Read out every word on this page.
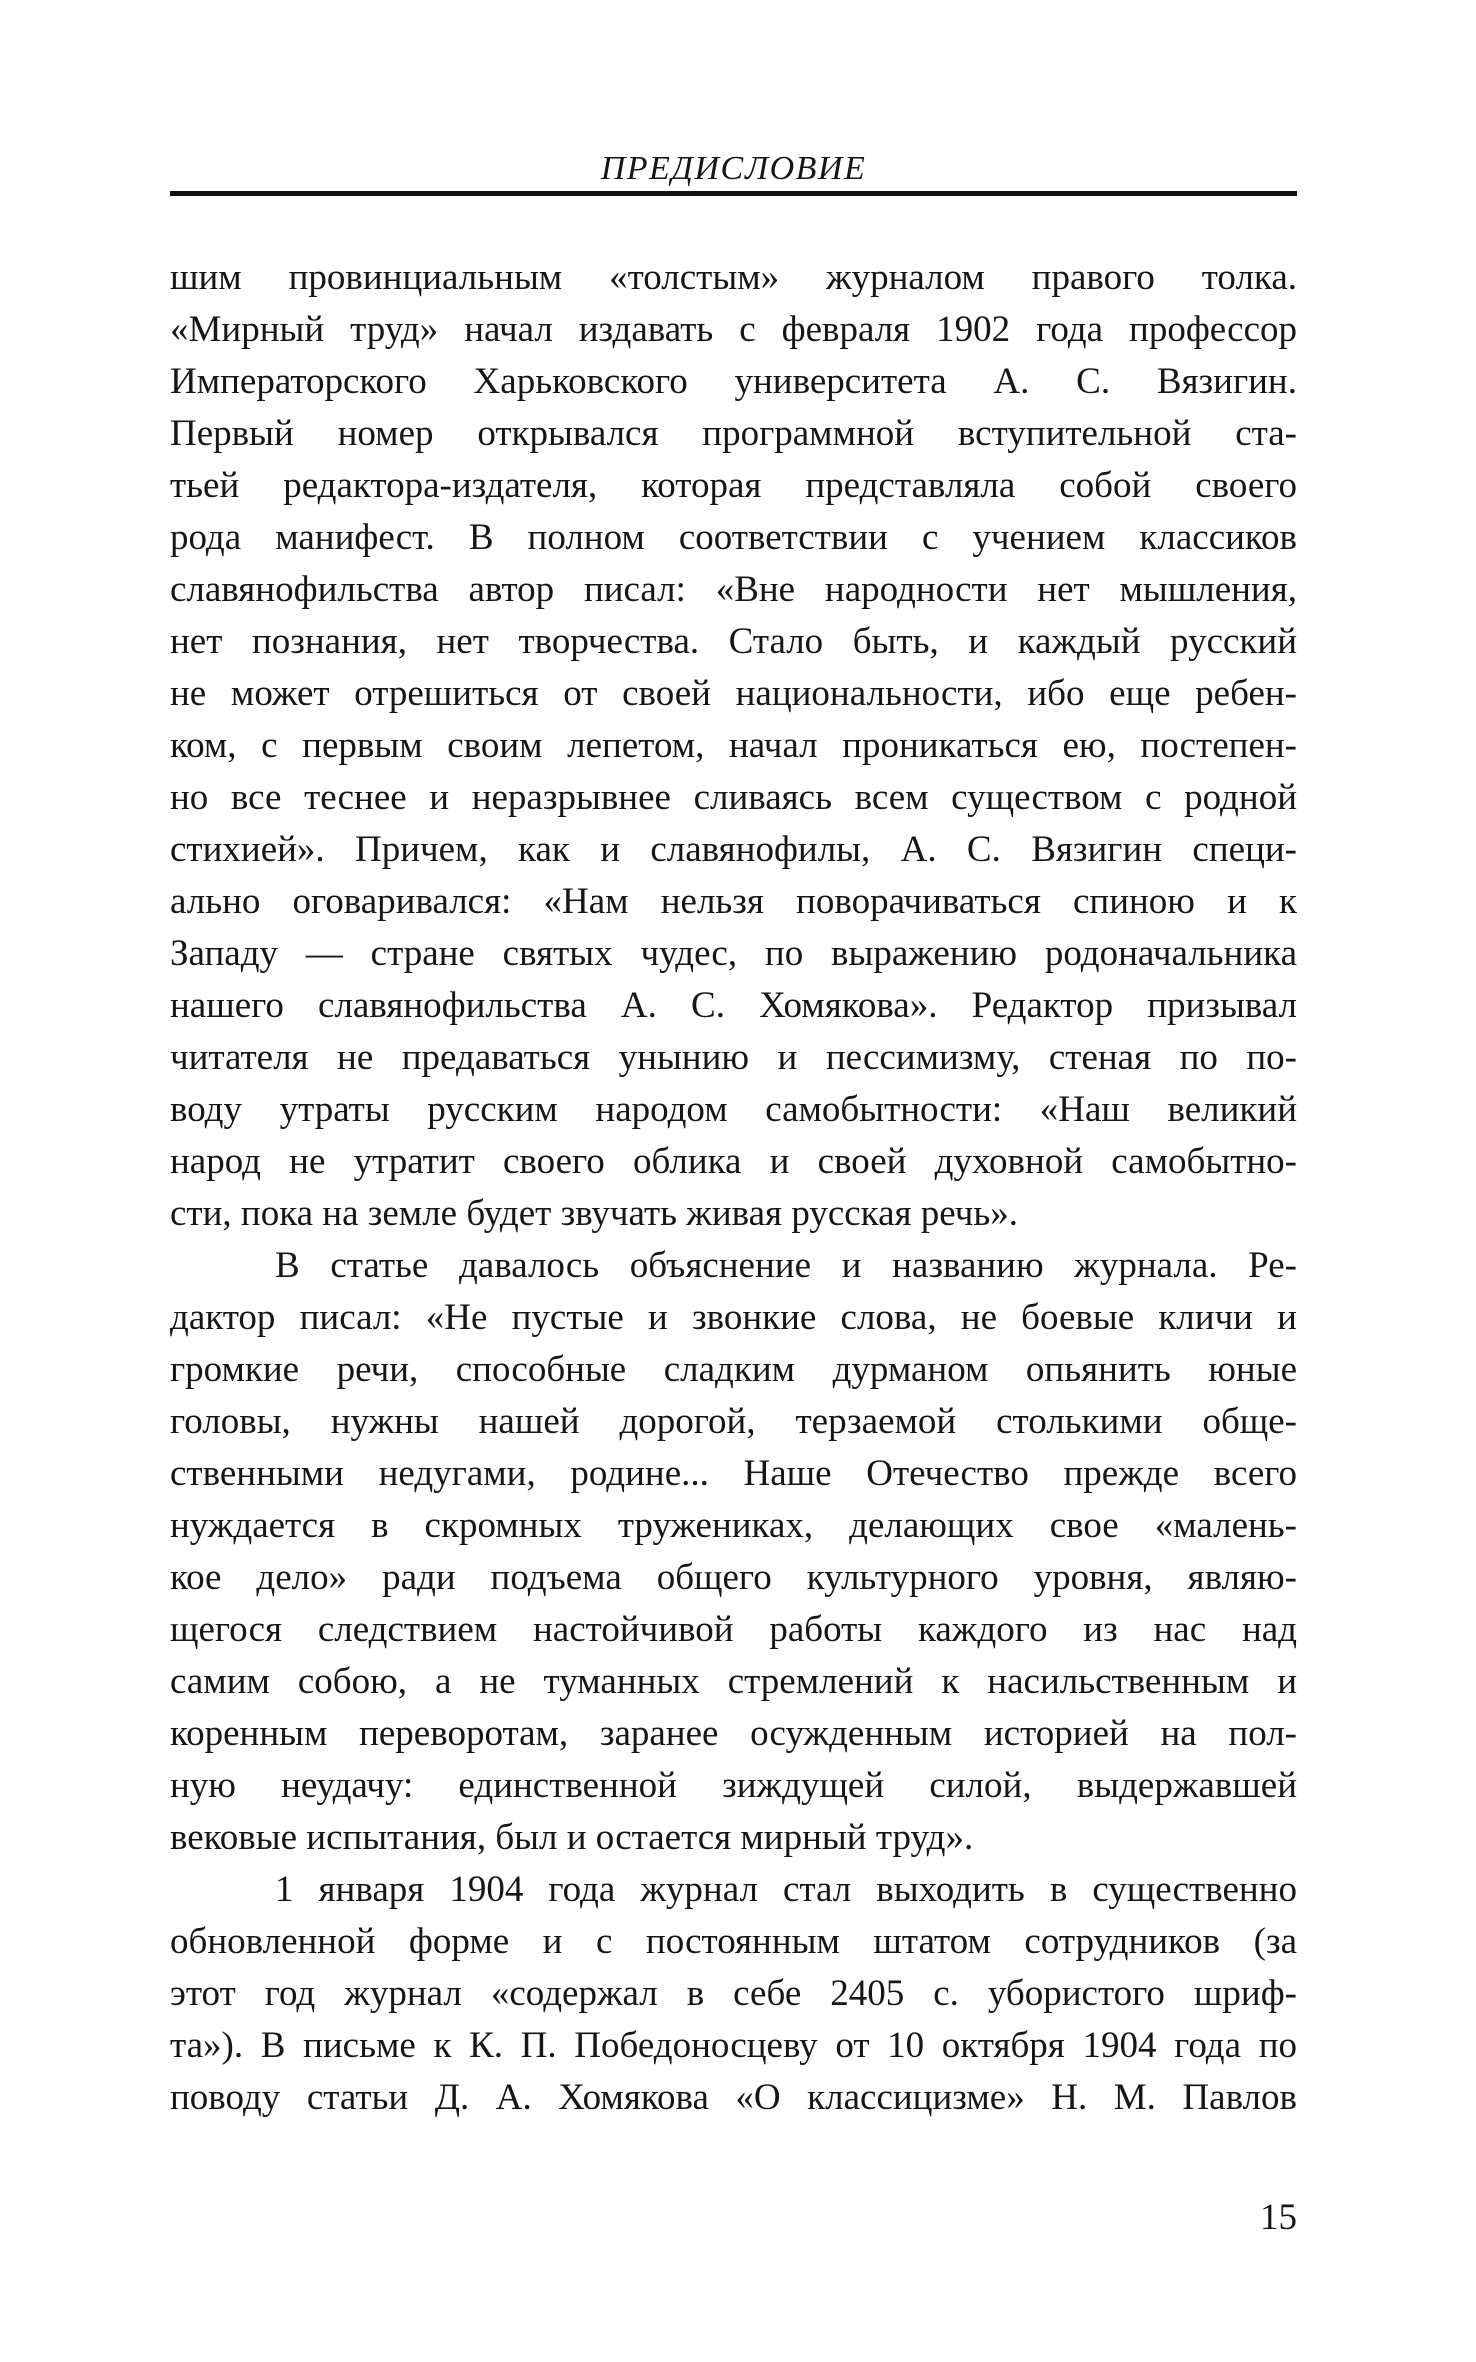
ПРЕДИСЛОВИЕ
шим провинциальным «толстым» журналом правого толка.
«Мирный труд» начал издавать с февраля 1902 года профессор
Императорского Харьковского университета А. С. Вязигин.
Первый номер открывался программной вступительной ста-
тьей редактора-издателя, которая представляла собой своего
рода манифест. В полном соответствии с учением классиков
славянофильства автор писал: «Вне народности нет мышления,
нет познания, нет творчества. Стало быть, и каждый русский
не может отрешиться от своей национальности, ибо еще ребен-
ком, с первым своим лепетом, начал проникаться ею, постепен-
но все теснее и неразрывнее сливаясь всем существом с родной
стихией». Причем, как и славянофилы, А. С. Вязигин специ-
ально оговаривался: «Нам нельзя поворачиваться спиною и к
Западу — стране святых чудес, по выражению родоначальника
нашего славянофильства А. С. Хомякова». Редактор призывал
читателя не предаваться унынию и пессимизму, стеная по по-
воду утраты русским народом самобытности: «Наш великий
народ не утратит своего облика и своей духовной самобытно-
сти, пока на земле будет звучать живая русская речь».
В статье давалось объяснение и названию журнала. Ре-
дактор писал: «Не пустые и звонкие слова, не боевые кличи и
громкие речи, способные сладким дурманом опьянить юные
головы, нужны нашей дорогой, терзаемой столькими обще-
ственными недугами, родине... Наше Отечество прежде всего
нуждается в скромных тружениках, делающих свое «малень-
кое дело» ради подъема общего культурного уровня, являю-
щегося следствием настойчивой работы каждого из нас над
самим собою, а не туманных стремлений к насильственным и
коренным переворотам, заранее осужденным историей на пол-
ную неудачу: единственной зиждущей силой, выдержавшей
вековые испытания, был и остается мирный труд».
1 января 1904 года журнал стал выходить в существенно
обновленной форме и с постоянным штатом сотрудников (за
этот год журнал «содержал в себе 2405 с. убористого шриф-
та»). В письме к К. П. Победоносцеву от 10 октября 1904 года по
поводу статьи Д. А. Хомякова «О классицизме» Н. М. Павлов
15
